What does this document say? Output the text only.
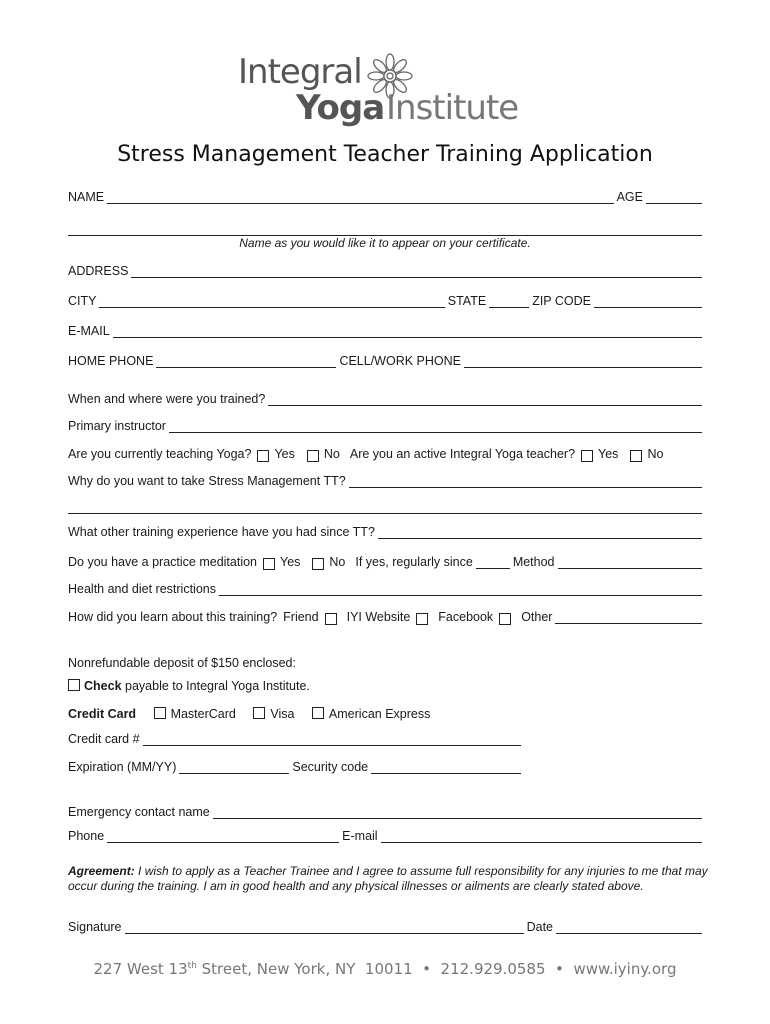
Integral
Yoga Institute
Stress Management Teacher Training Application
NAME	AGE
Name as you would like it to appear on your certificate.
ADDRESS
CITY	STATE	ZIP CODE
E-MAIL
HOME PHONE	CELL/WORK PHONE
When and where were you trained?
Primary instructor
Are you currently teaching Yoga? Yes No Are you an active Integral Yoga teacher? Yes No
Why do you want to take Stress Management TT?
What other training experience have you had since TT?
Do you have a practice meditation Yes No If yes, regularly since	Method
Health and diet restrictions
How did you learn about this training? Friend IYI Website Facebook Other
Nonrefundable deposit of $150 enclosed:
Check payable to Integral Yoga Institute.
Credit Card	MasterCard	Visa	American Express
Credit card #
Expiration (MM/YY)	Security code
Emergency contact name
Phone	E-mail
Agreement: I wish to apply as a Teacher Trainee and I agree to assume full responsibility for any injuries to me that may occur during the training. I am in good health and any physical illnesses or ailments are clearly stated above.
Signature	Date
227 West 13th Street, New York, NY  10011  •  212.929.0585  •  www.iyiny.org
